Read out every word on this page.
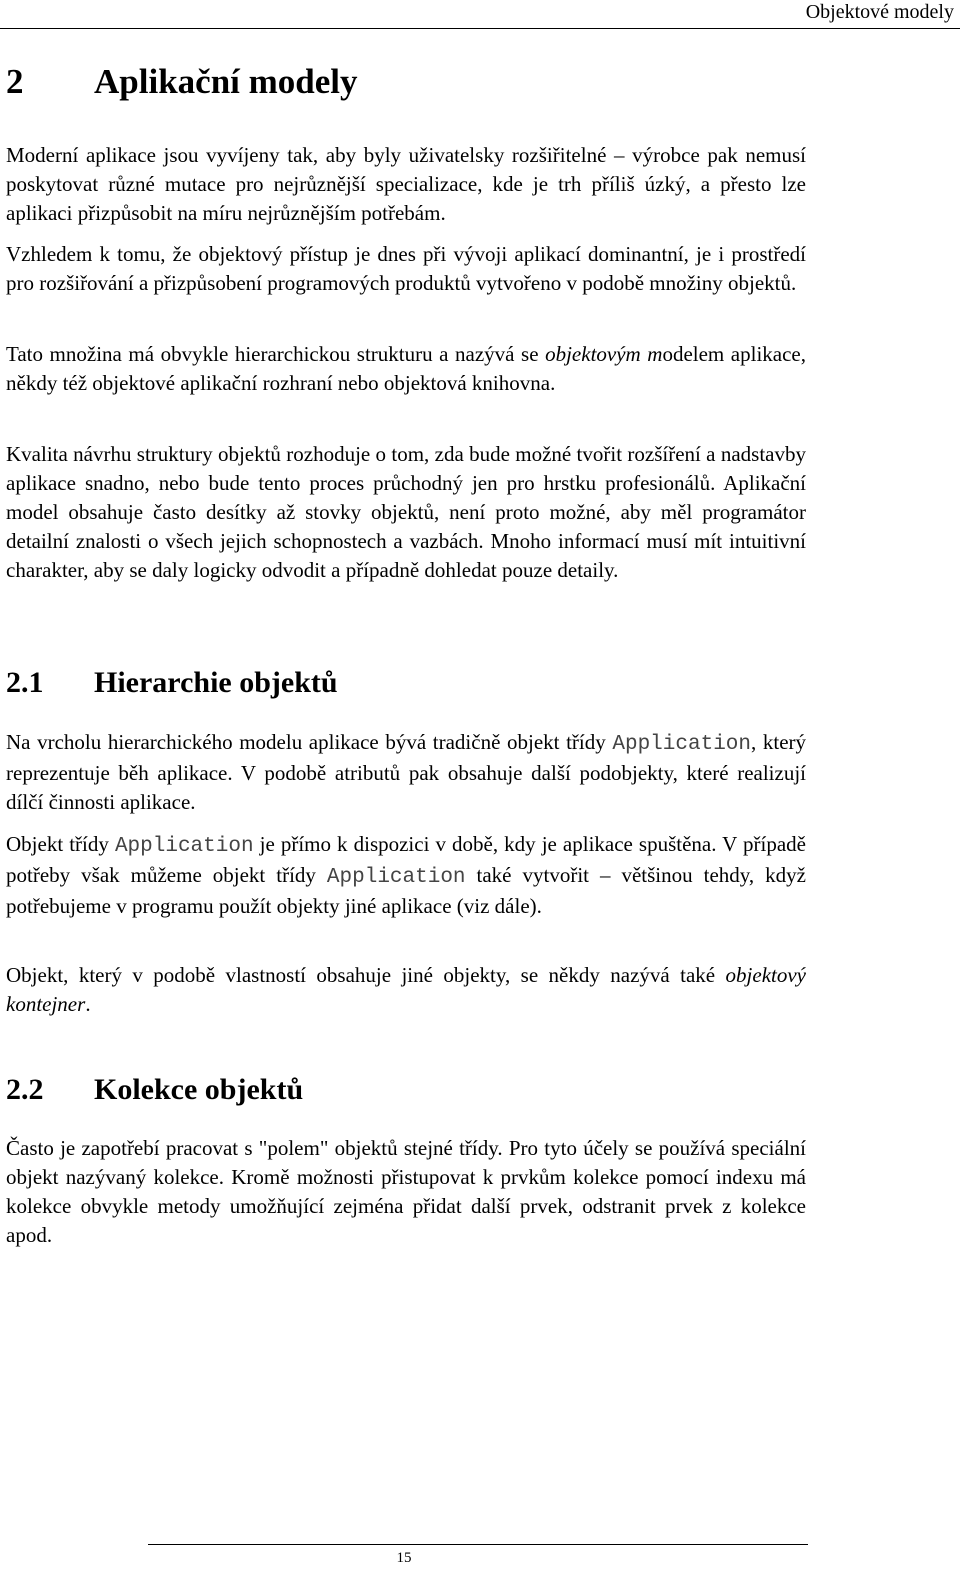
Objektové modely
2 Aplikační modely

Moderní aplikace jsou vyvíjeny tak, aby byly uživatelsky rozšiřitelné – výrobce pak nemusí poskytovat různé mutace pro nejrůznější specializace, kde je trh příliš úzký, a přesto lze aplikaci přizpůsobit na míru nejrůznějším potřebám.

Vzhledem k tomu, že objektový přístup je dnes při vývoji aplikací dominantní, je i prostředí pro rozšiřování a přizpůsobení programových produktů vytvořeno v podobě množiny objektů.

Tato množina má obvykle hierarchickou strukturu a nazývá se objektovým modelem aplikace, někdy též objektové aplikační rozhraní nebo objektová knihovna.

Kvalita návrhu struktury objektů rozhoduje o tom, zda bude možné tvořit rozšíření a nadstavby aplikace snadno, nebo bude tento proces průchodný jen pro hrstku profesionálů. Aplikační model obsahuje často desítky až stovky objektů, není proto možné, aby měl programátor detailní znalosti o všech jejich schopnostech a vazbách. Mnoho informací musí mít intuitivní charakter, aby se daly logicky odvodit a případně dohledat pouze detaily.

2.1 Hierarchie objektů

Na vrcholu hierarchického modelu aplikace bývá tradičně objekt třídy Application, který reprezentuje běh aplikace. V podobě atributů pak obsahuje další podobjekty, které realizují dílčí činnosti aplikace.

Objekt třídy Application je přímo k dispozici v době, kdy je aplikace spuštěna. V případě potřeby však můžeme objekt třídy Application také vytvořit – většinou tehdy, když potřebujeme v programu použít objekty jiné aplikace (viz dále).

Objekt, který v podobě vlastností obsahuje jiné objekty, se někdy nazývá také objektový kontejner.

2.2 Kolekce objektů

Často je zapotřebí pracovat s "polem" objektů stejné třídy. Pro tyto účely se používá speciální objekt nazývaný kolekce. Kromě možnosti přistupovat k prvkům kolekce pomocí indexu má kolekce obvykle metody umožňující zejména přidat další prvek, odstranit prvek z kolekce apod.

15
